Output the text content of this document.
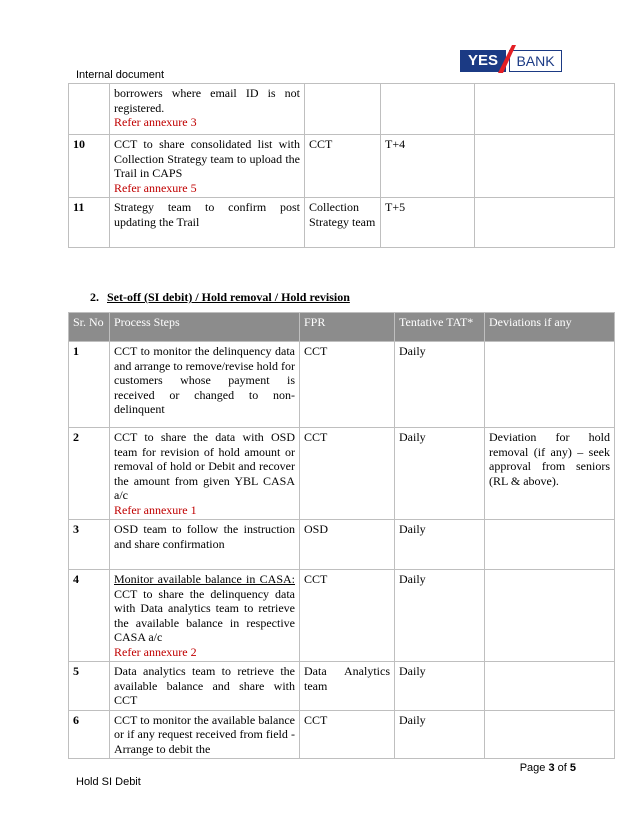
Internal document
YES	BANK
	borrowers where email ID is not registered.
Refer annexure 3			

10	CCT to share consolidated list with Collection Strategy team to upload the Trail in CAPS
Refer annexure 5	CCT	T+4	
11	Strategy team to confirm post updating the Trail	Collection Strategy team	T+5	
2. Set-off (SI debit) / Hold removal / Hold revision
Sr. No	Process Steps	FPR	Tentative TAT*	Deviations if any
1	CCT to monitor the delinquency data and arrange to remove/revise hold for customers whose payment is received or changed to non-delinquent	CCT	Daily	
2	CCT to share the data with OSD team for revision of hold amount or removal of hold or Debit and recover the amount from given YBL CASA a/c
Refer annexure 1	CCT	Daily	Deviation for hold removal (if any) – seek approval from seniors (RL & above).
3	OSD team to follow the instruction and share confirmation	OSD	Daily	
4	Monitor available balance in CASA: CCT to share the delinquency data with Data analytics team to retrieve the available balance in respective CASA a/c
Refer annexure 2	CCT	Daily	
5	Data analytics team to retrieve the available balance and share with CCT	Data Analytics team	Daily	
6	CCT to monitor the available balance or if any request received from field - Arrange to debit the	CCT	Daily	
Page 3 of 5
Hold SI Debit
